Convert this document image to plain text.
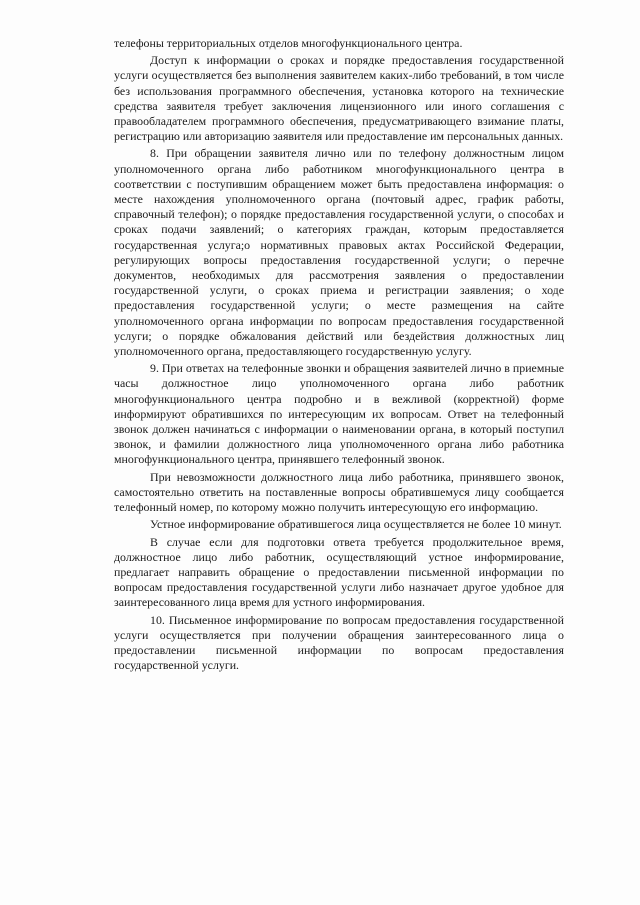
телефоны территориальных отделов многофункционального центра.

Доступ к информации о сроках и порядке предоставления государственной услуги осуществляется без выполнения заявителем каких-либо требований, в том числе без использования программного обеспечения, установка которого на технические средства заявителя требует заключения лицензионного или иного соглашения с правообладателем программного обеспечения, предусматривающего взимание платы, регистрацию или авторизацию заявителя или предоставление им персональных данных.

8. При обращении заявителя лично или по телефону должностным лицом уполномоченного органа либо работником многофункционального центра в соответствии с поступившим обращением может быть предоставлена информация: о месте нахождения уполномоченного органа (почтовый адрес, график работы, справочный телефон); о порядке предоставления государственной услуги, о способах и сроках подачи заявлений; о категориях граждан, которым предоставляется государственная услуга;о нормативных правовых актах Российской Федерации, регулирующих вопросы предоставления государственной услуги; о перечне документов, необходимых для рассмотрения заявления о предоставлении государственной услуги, о сроках приема и регистрации заявления; о ходе предоставления государственной услуги; о месте размещения на сайте уполномоченного органа информации по вопросам предоставления государственной услуги; о порядке обжалования действий или бездействия должностных лиц уполномоченного органа, предоставляющего государственную услугу.

9. При ответах на телефонные звонки и обращения заявителей лично в приемные часы должностное лицо уполномоченного органа либо работник многофункционального центра подробно и в вежливой (корректной) форме информируют обратившихся по интересующим их вопросам. Ответ на телефонный звонок должен начинаться с информации о наименовании органа, в который поступил звонок, и фамилии должностного лица уполномоченного органа либо работника многофункционального центра, принявшего телефонный звонок.

При невозможности должностного лица либо работника, принявшего звонок, самостоятельно ответить на поставленные вопросы обратившемуся лицу сообщается телефонный номер, по которому можно получить интересующую его информацию.

Устное информирование обратившегося лица осуществляется не более 10 минут.

В случае если для подготовки ответа требуется продолжительное время, должностное лицо либо работник, осуществляющий устное информирование, предлагает направить обращение о предоставлении письменной информации по вопросам предоставления государственной услуги либо назначает другое удобное для заинтересованного лица время для устного информирования.

10. Письменное информирование по вопросам предоставления государственной услуги осуществляется при получении обращения заинтересованного лица о предоставлении письменной информации по вопросам предоставления государственной услуги.
